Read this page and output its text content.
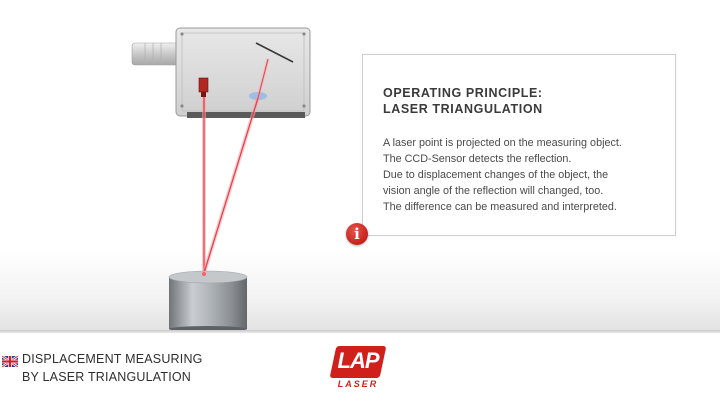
OPERATING PRINCIPLE:
LASER TRIANGULATION

A laser point is projected on the measuring object.
The CCD-Sensor detects the reflection.
Due to displacement changes of the object, the
vision angle of the reflection will changed, too.
The difference can be measured and interpreted.

i

DISPLACEMENT MEASURING

BY LASER TRIANGULATION

LAP
LASER
